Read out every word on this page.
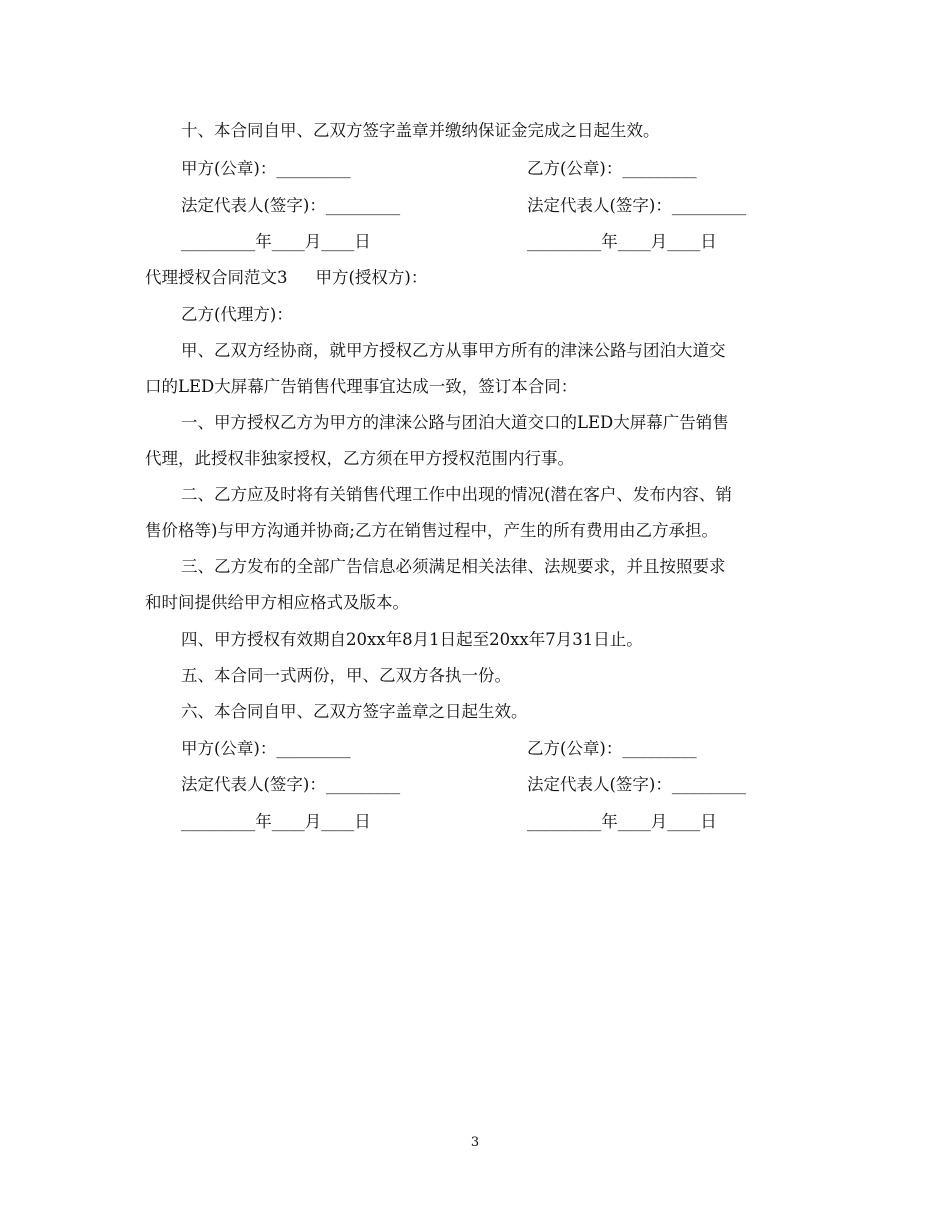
十、本合同自甲、乙双方签字盖章并缴纳保证金完成之日起生效。
甲方(公章)：_________	乙方(公章)：_________
法定代表人(签字)：_________	法定代表人(签字)：_________
_________年____月____日	_________年____月____日
代理授权合同范文3 甲方(授权方)：
乙方(代理方)：
甲、乙双方经协商，就甲方授权乙方从事甲方所有的津涞公路与团泊大道交
口的LED大屏幕广告销售代理事宜达成一致，签订本合同：
一、甲方授权乙方为甲方的津涞公路与团泊大道交口的LED大屏幕广告销售
代理，此授权非独家授权，乙方须在甲方授权范围内行事。
二、乙方应及时将有关销售代理工作中出现的情况(潜在客户、发布内容、销
售价格等)与甲方沟通并协商;乙方在销售过程中，产生的所有费用由乙方承担。
三、乙方发布的全部广告信息必须满足相关法律、法规要求，并且按照要求
和时间提供给甲方相应格式及版本。
四、甲方授权有效期自20xx年8月1日起至20xx年7月31日止。
五、本合同一式两份，甲、乙双方各执一份。
六、本合同自甲、乙双方签字盖章之日起生效。
甲方(公章)：_________	乙方(公章)：_________
法定代表人(签字)：_________	法定代表人(签字)：_________
_________年____月____日	_________年____月____日
3
